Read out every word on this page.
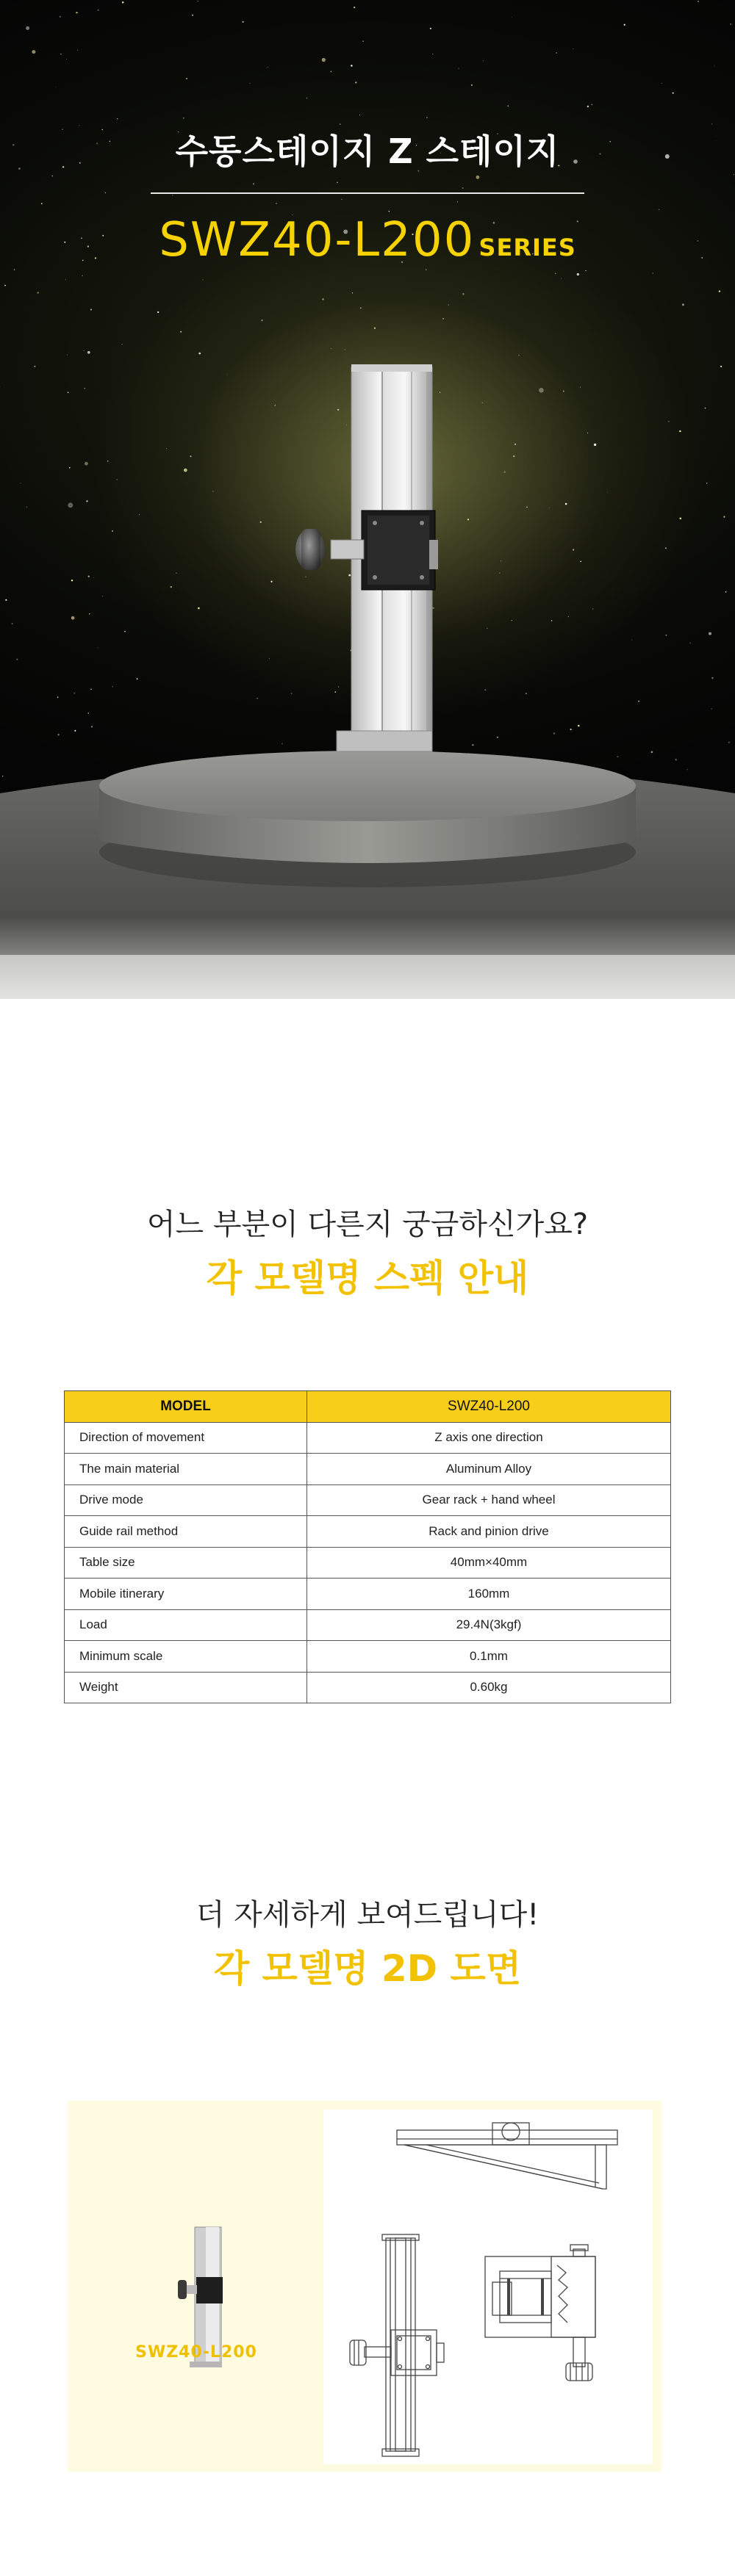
수동스테이지 Z 스테이지
SWZ40-L200 SERIES
어느 부분이 다른지 궁금하신가요?
각 모델명 스펙 안내
MODEL	SWZ40-L200
Direction of movement	Z axis one direction
The main material	Aluminum Alloy
Drive mode	Gear rack + hand wheel
Guide rail method	Rack and pinion drive
Table size	40mm×40mm
Mobile itinerary	160mm
Load	29.4N(3kgf)
Minimum scale	0.1mm
Weight	0.60kg
더 자세하게 보여드립니다!
각 모델명 2D 도면
SWZ40-L200
